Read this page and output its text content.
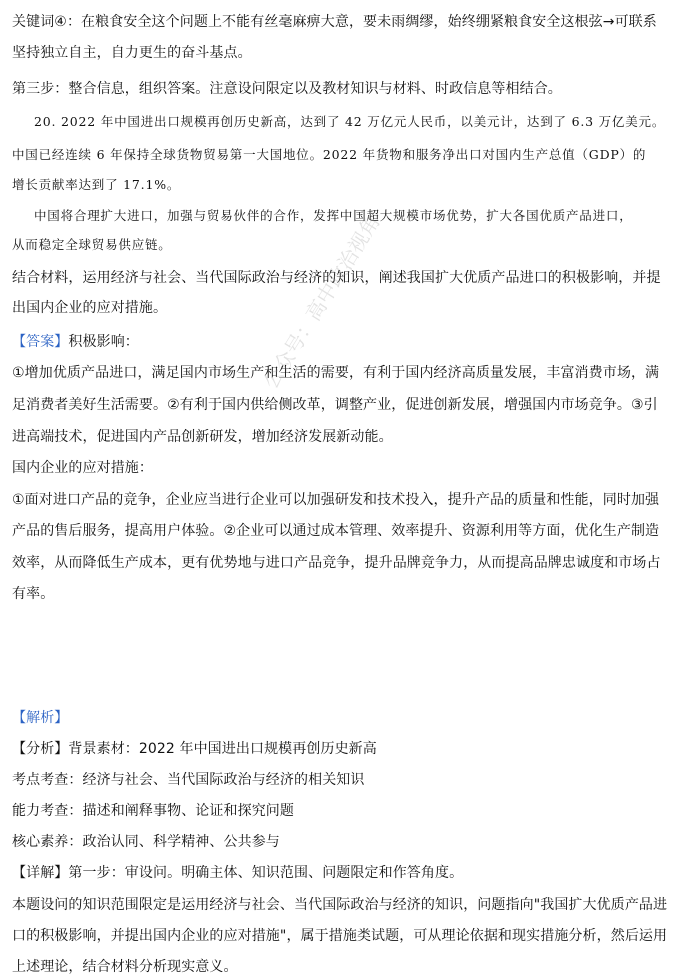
关键词④：在粮食安全这个问题上不能有丝毫麻痹大意，要未雨绸缪，始终绷紧粮食安全这根弦→可联系
坚持独立自主，自力更生的奋斗基点。
第三步：整合信息，组织答案。注意设问限定以及教材知识与材料、时政信息等相结合。
20. 2022 年中国进出口规模再创历史新高，达到了 42 万亿元人民币，以美元计，达到了 6.3 万亿美元。
中国已经连续 6 年保持全球货物贸易第一大国地位。2022 年货物和服务净出口对国内生产总值（GDP）的
增长贡献率达到了 17.1%。
中国将合理扩大进口，加强与贸易伙伴的合作，发挥中国超大规模市场优势，扩大各国优质产品进口，
从而稳定全球贸易供应链。
结合材料，运用经济与社会、当代国际政治与经济的知识，阐述我国扩大优质产品进口的积极影响，并提
出国内企业的应对措施。
【答案】积极影响：
①增加优质产品进口，满足国内市场生产和生活的需要，有利于国内经济高质量发展，丰富消费市场，满
足消费者美好生活需要。②有利于国内供给侧改革，调整产业，促进创新发展，增强国内市场竞争。③引
进高端技术，促进国内产品创新研发，增加经济发展新动能。
国内企业的应对措施：
①面对进口产品的竞争，企业应当进行企业可以加强研发和技术投入，提升产品的质量和性能，同时加强
产品的售后服务，提高用户体验。②企业可以通过成本管理、效率提升、资源利用等方面，优化生产制造
效率，从而降低生产成本，更有优势地与进口产品竞争，提升品牌竞争力，从而提高品牌忠诚度和市场占
有率。
【解析】
【分析】背景素材：2022 年中国进出口规模再创历史新高
考点考查：经济与社会、当代国际政治与经济的相关知识
能力考查：描述和阐释事物、论证和探究问题
核心素养：政治认同、科学精神、公共参与
【详解】第一步：审设问。明确主体、知识范围、问题限定和作答角度。
本题设问的知识范围限定是运用经济与社会、当代国际政治与经济的知识，问题指向"我国扩大优质产品进
口的积极影响，并提出国内企业的应对措施"，属于措施类试题，可从理论依据和现实措施分析，然后运用
上述理论，结合材料分析现实意义。
公众号：高中政治视角
